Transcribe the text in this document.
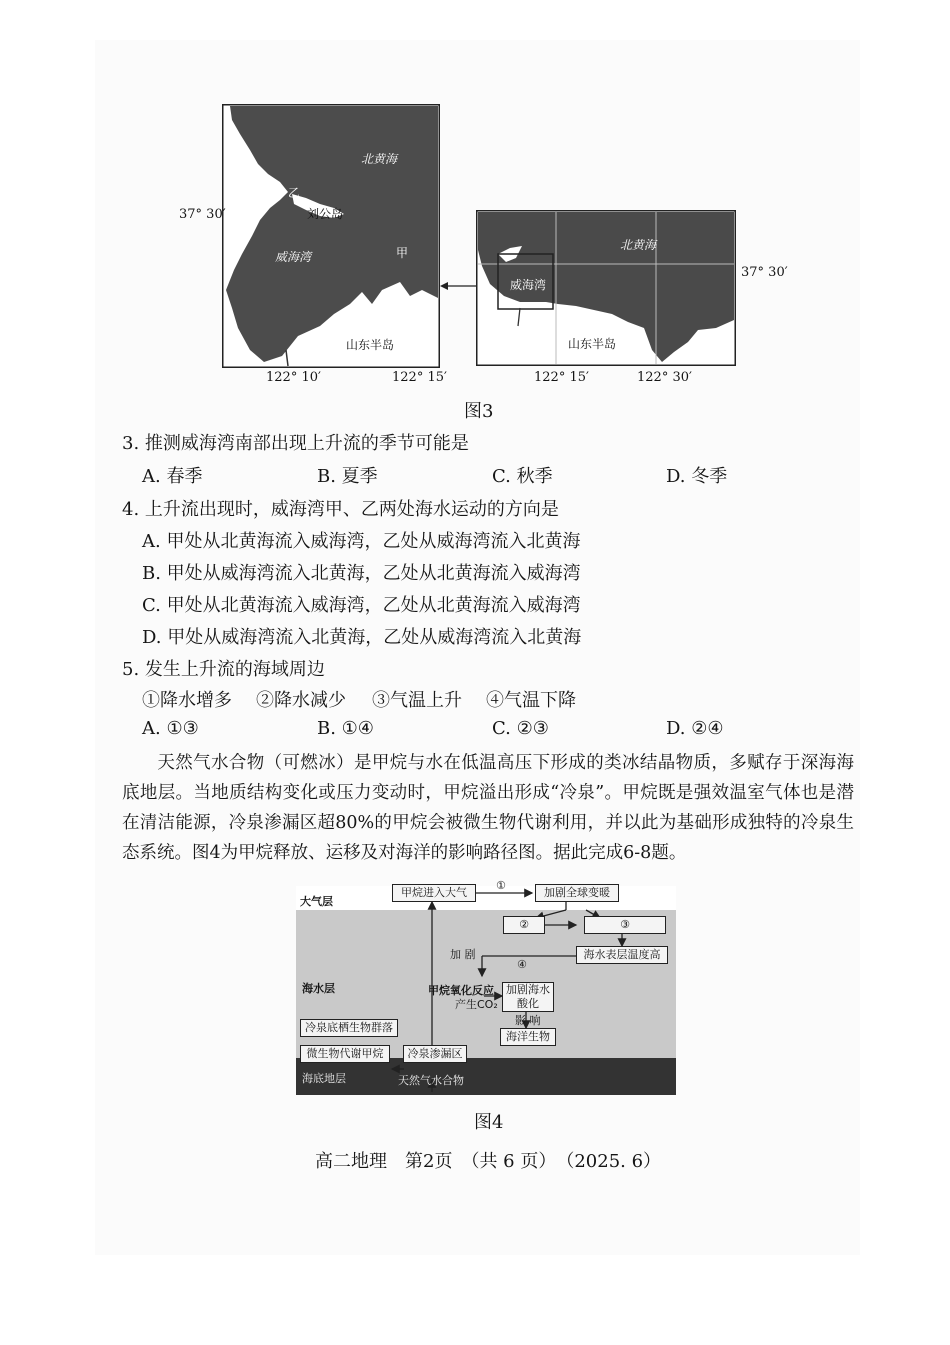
37° 30′
北黄海
乙
刘公岛
威海湾	甲
山东半岛
122° 10′	122° 15′
北黄海
威海湾
山东半岛
37° 30′
122° 15′	122° 30′
图3
3. 推测威海湾南部出现上升流的季节可能是
A. 春季	B. 夏季	C. 秋季	D. 冬季
4. 上升流出现时，威海湾甲、乙两处海水运动的方向是
A. 甲处从北黄海流入威海湾，乙处从威海湾流入北黄海
B. 甲处从威海湾流入北黄海，乙处从北黄海流入威海湾
C. 甲处从北黄海流入威海湾，乙处从北黄海流入威海湾
D. 甲处从威海湾流入北黄海，乙处从威海湾流入北黄海
5. 发生上升流的海域周边
①降水增多 ②降水减少 ③气温上升 ④气温下降
A. ①③	B. ①④	C. ②③	D. ②④
天然气水合物（可燃冰）是甲烷与水在低温高压下形成的类冰结晶物质，多赋存于深海海底地层。当地质结构变化或压力变动时，甲烷溢出形成“冷泉”。甲烷既是强效温室气体也是潜在清洁能源，冷泉渗漏区超80%的甲烷会被微生物代谢利用，并以此为基础形成独特的冷泉生态系统。图4为甲烷释放、运移及对海洋的影响路径图。据此完成6-8题。
大气层
海水层
海底地层
甲烷进入大气
①
加剧全球变暖
②	③
海水表层温度高
加 剧
④
甲烷氧化反应
产生CO₂
加剧海水酸化
影 响
海洋生物
冷泉底栖生物群落
微生物代谢甲烷	冷泉渗漏区
天然气水合物
图4
高二地理　第2页　（共 6 页）　（2025. 6）
